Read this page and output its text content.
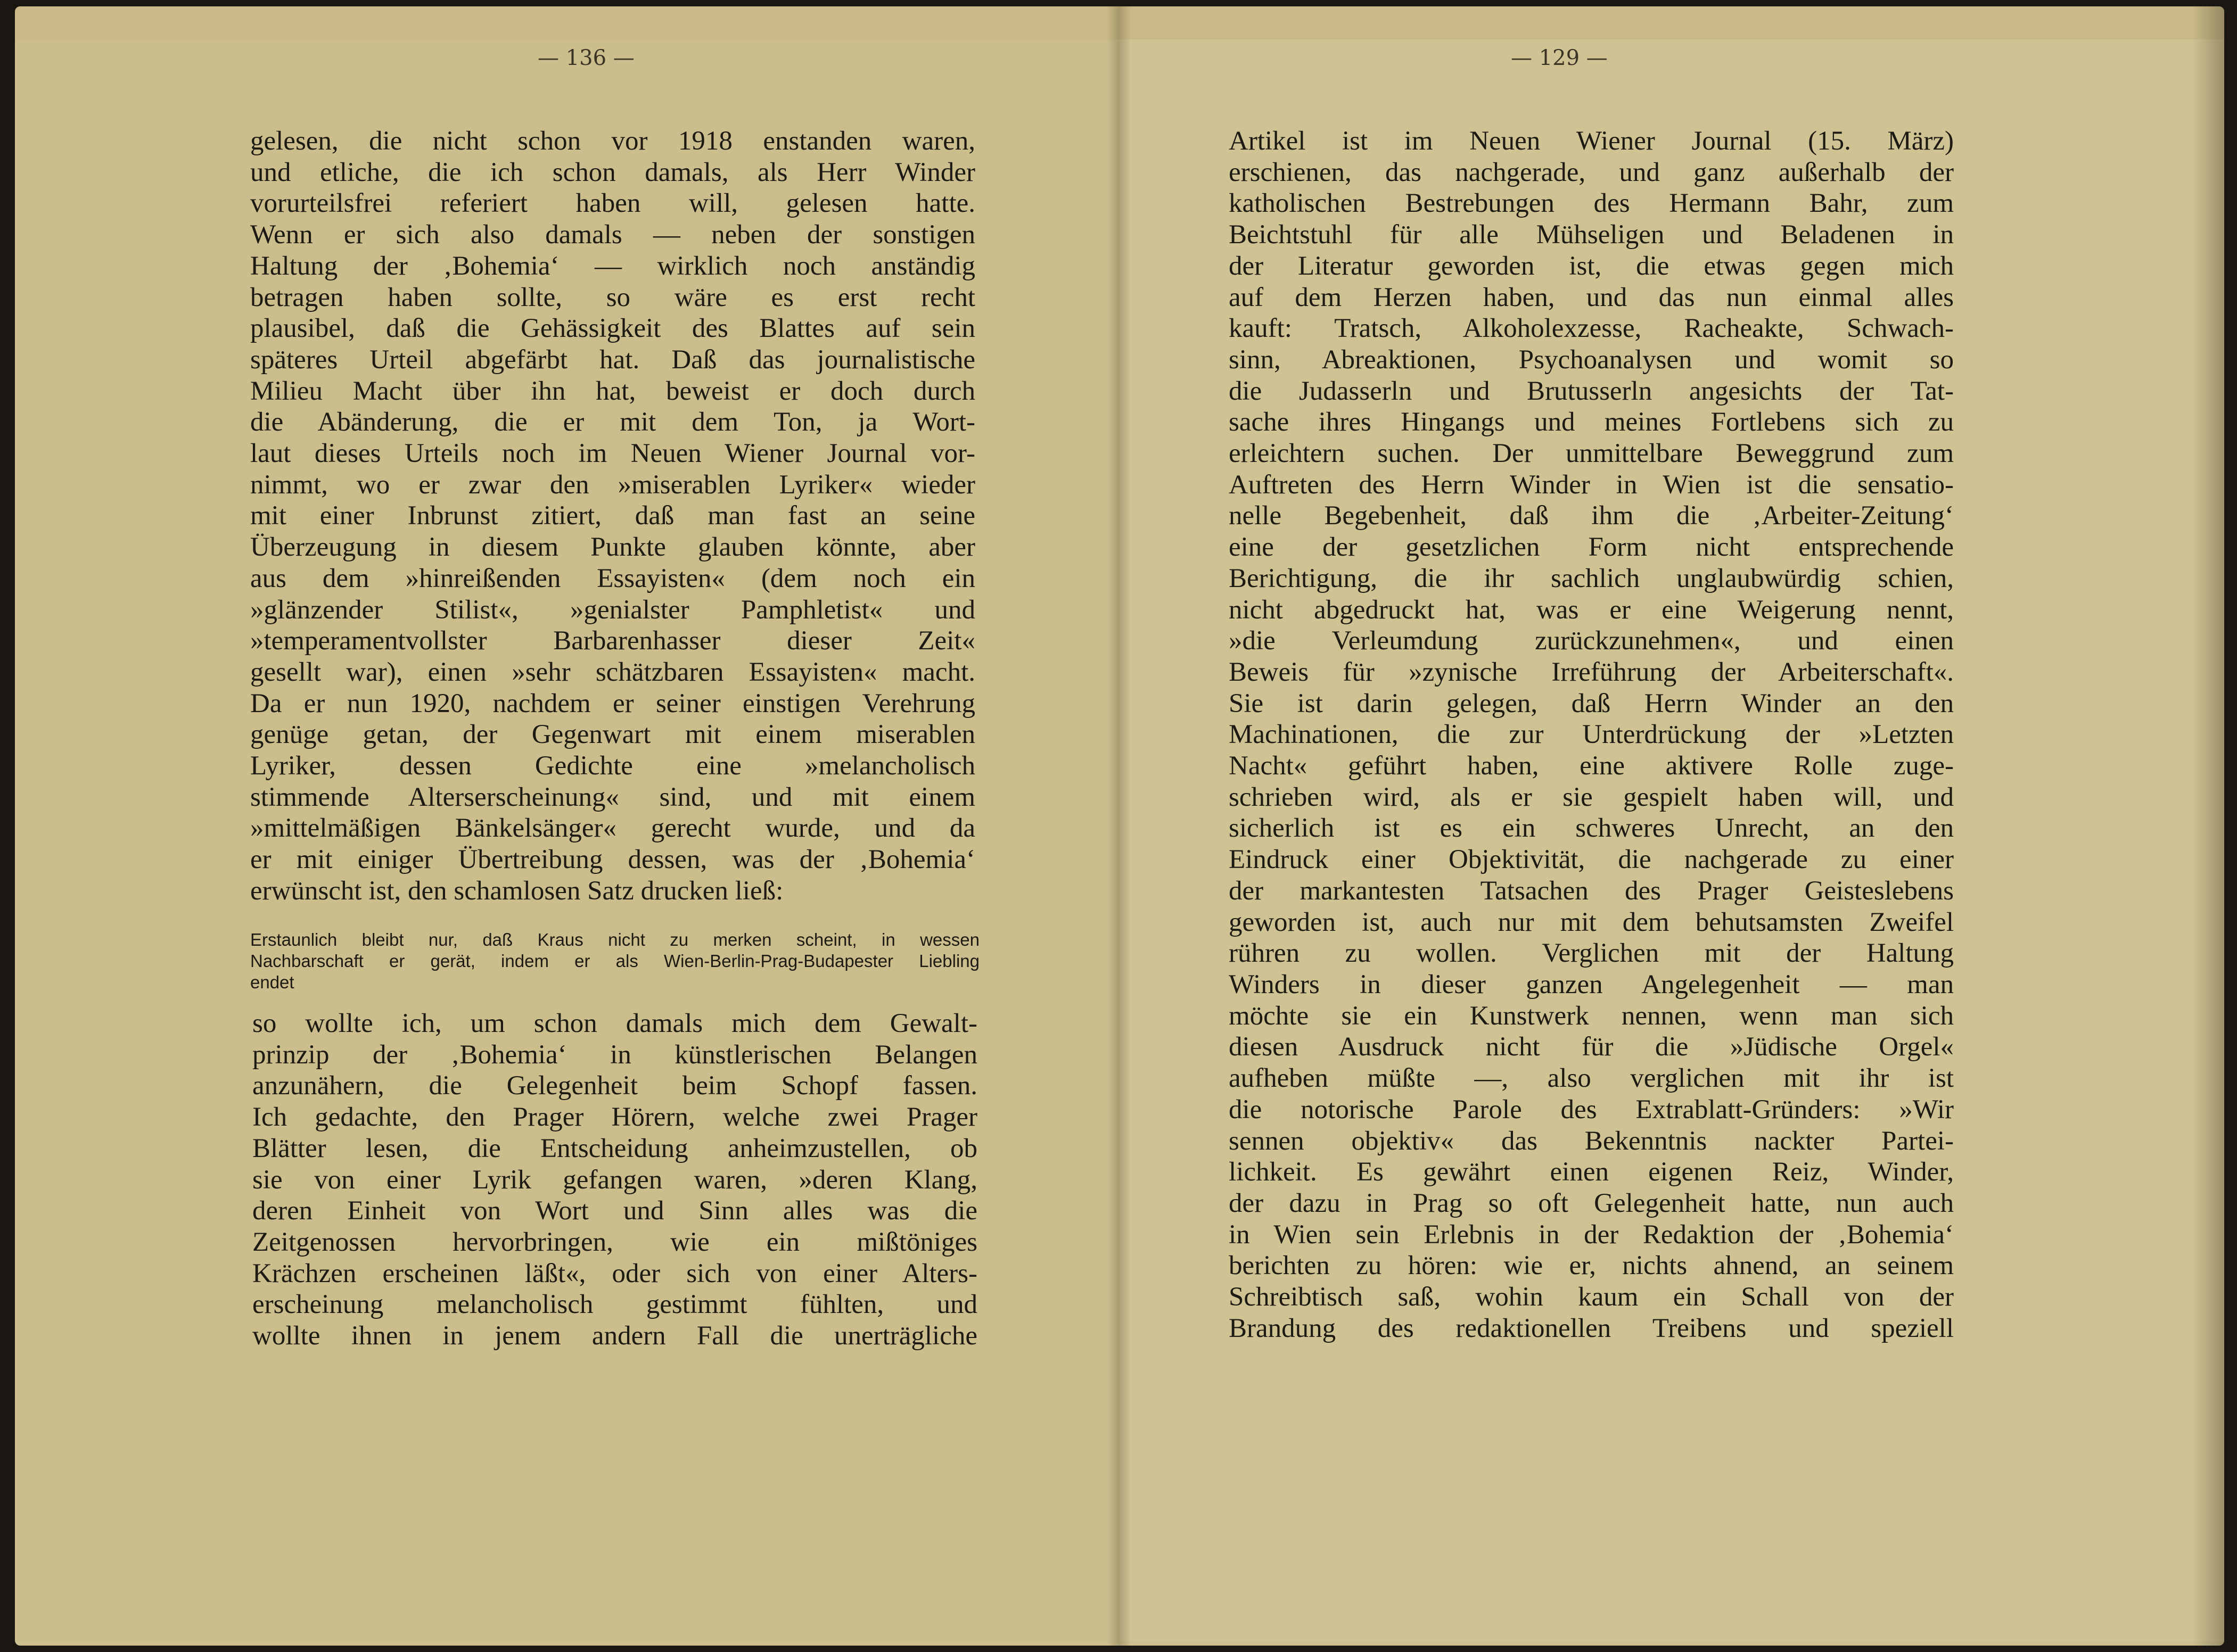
— 136 —	— 129 —
gelesen, die nicht schon vor 1918 enstanden waren,
und etliche, die ich schon damals, als Herr Winder
vorurteilsfrei referiert haben will, gelesen hatte.
Wenn er sich also damals — neben der sonstigen
Haltung der ‚Bohemia‘ — wirklich noch anständig
betragen haben sollte, so wäre es erst recht
plausibel, daß die Gehässigkeit des Blattes auf sein
späteres Urteil abgefärbt hat. Daß das journalistische
Milieu Macht über ihn hat, beweist er doch durch
die Abänderung, die er mit dem Ton, ja Wort-
laut dieses Urteils noch im Neuen Wiener Journal vor-
nimmt, wo er zwar den »miserablen Lyriker« wieder
mit einer Inbrunst zitiert, daß man fast an seine
Überzeugung in diesem Punkte glauben könnte, aber
aus dem »hinreißenden Essayisten« (dem noch ein
»glänzender Stilist«, »genialster Pamphletist« und
»temperamentvollster Barbarenhasser dieser Zeit«
gesellt war), einen »sehr schätzbaren Essayisten« macht.
Da er nun 1920, nachdem er seiner einstigen Verehrung
genüge getan, der Gegenwart mit einem miserablen
Lyriker, dessen Gedichte eine »melancholisch
stimmende Alterserscheinung« sind, und mit einem
»mittelmäßigen Bänkelsänger« gerecht wurde, und da
er mit einiger Übertreibung dessen, was der ‚Bohemia‘
erwünscht ist, den schamlosen Satz drucken ließ:
Erstaunlich bleibt nur, daß Kraus nicht zu merken scheint, in wessen
Nachbarschaft er gerät, indem er als Wien-Berlin-Prag-Budapester Liebling
endet
so wollte ich, um schon damals mich dem Gewalt-
prinzip der ‚Bohemia‘ in künstlerischen Belangen
anzunähern, die Gelegenheit beim Schopf fassen.
Ich gedachte, den Prager Hörern, welche zwei Prager
Blätter lesen, die Entscheidung anheimzustellen, ob
sie von einer Lyrik gefangen waren, »deren Klang,
deren Einheit von Wort und Sinn alles was die
Zeitgenossen hervorbringen, wie ein mißtöniges
Krächzen erscheinen läßt«, oder sich von einer Alters-
erscheinung melancholisch gestimmt fühlten, und
wollte ihnen in jenem andern Fall die unerträgliche
Artikel ist im Neuen Wiener Journal (15. März)
erschienen, das nachgerade, und ganz außerhalb der
katholischen Bestrebungen des Hermann Bahr, zum
Beichtstuhl für alle Mühseligen und Beladenen in
der Literatur geworden ist, die etwas gegen mich
auf dem Herzen haben, und das nun einmal alles
kauft: Tratsch, Alkoholexzesse, Racheakte, Schwach-
sinn, Abreaktionen, Psychoanalysen und womit so
die Judasserln und Brutusserln angesichts der Tat-
sache ihres Hingangs und meines Fortlebens sich zu
erleichtern suchen. Der unmittelbare Beweggrund zum
Auftreten des Herrn Winder in Wien ist die sensatio-
nelle Begebenheit, daß ihm die ‚Arbeiter-Zeitung‘
eine der gesetzlichen Form nicht entsprechende
Berichtigung, die ihr sachlich unglaubwürdig schien,
nicht abgedruckt hat, was er eine Weigerung nennt,
»die Verleumdung zurückzunehmen«, und einen
Beweis für »zynische Irreführung der Arbeiterschaft«.
Sie ist darin gelegen, daß Herrn Winder an den
Machinationen, die zur Unterdrückung der »Letzten
Nacht« geführt haben, eine aktivere Rolle zuge-
schrieben wird, als er sie gespielt haben will, und
sicherlich ist es ein schweres Unrecht, an den
Eindruck einer Objektivität, die nachgerade zu einer
der markantesten Tatsachen des Prager Geisteslebens
geworden ist, auch nur mit dem behutsamsten Zweifel
rühren zu wollen. Verglichen mit der Haltung
Winders in dieser ganzen Angelegenheit — man
möchte sie ein Kunstwerk nennen, wenn man sich
diesen Ausdruck nicht für die »Jüdische Orgel«
aufheben müßte —, also verglichen mit ihr ist
die notorische Parole des Extrablatt-Gründers: »Wir
sennen objektiv« das Bekenntnis nackter Partei-
lichkeit. Es gewährt einen eigenen Reiz, Winder,
der dazu in Prag so oft Gelegenheit hatte, nun auch
in Wien sein Erlebnis in der Redaktion der ‚Bohemia‘
berichten zu hören: wie er, nichts ahnend, an seinem
Schreibtisch saß, wohin kaum ein Schall von der
Brandung des redaktionellen Treibens und speziell
